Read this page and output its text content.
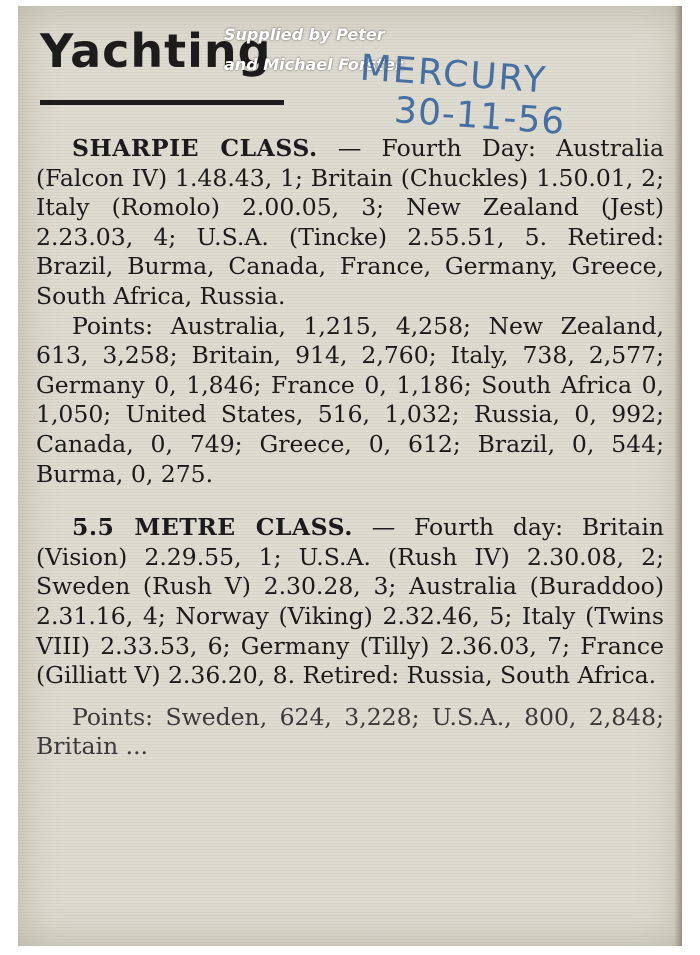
Yachting
Supplied by Peter
and Michael Forster.
MERCURY
30-11-56

SHARPIE CLASS. — Fourth Day: Australia (Falcon IV) 1.48.43, 1; Britain (Chuckles) 1.50.01, 2; Italy (Romolo) 2.00.05, 3; New Zealand (Jest) 2.23.03, 4; U.S.A. (Tincke) 2.55.51, 5. Retired: Brazil, Burma, Canada, France, Germany, Greece, South Africa, Russia.

Points: Australia, 1,215, 4,258; New Zealand, 613, 3,258; Britain, 914, 2,760; Italy, 738, 2,577; Germany 0, 1,846; France 0, 1,186; South Africa 0, 1,050; United States, 516, 1,032; Russia, 0, 992; Canada, 0, 749; Greece, 0, 612; Brazil, 0, 544; Burma, 0, 275.

5.5 METRE CLASS. — Fourth day: Britain (Vision) 2.29.55, 1; U.S.A. (Rush IV) 2.30.08, 2; Sweden (Rush V) 2.30.28, 3; Australia (Buraddoo) 2.31.16, 4; Norway (Viking) 2.32.46, 5; Italy (Twins VIII) 2.33.53, 6; Germany (Tilly) 2.36.03, 7; France (Gilliatt V) 2.36.20, 8. Retired: Russia, South Africa.

Points: Sweden, 624, 3,228; U.S.A., 800, 2,848; Britain ...
